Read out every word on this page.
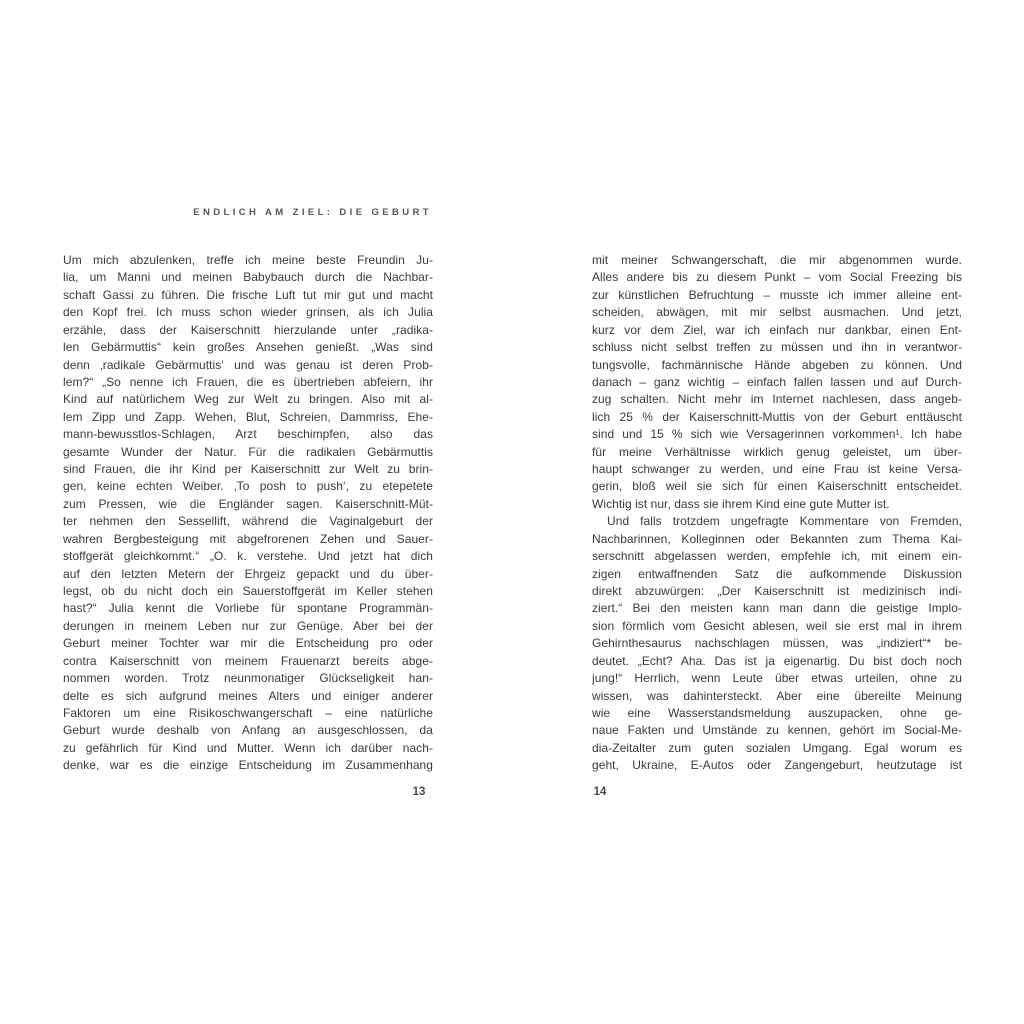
ENDLICH AM ZIEL: DIE GEBURT
Um mich abzulenken, treffe ich meine beste Freundin Ju-
lia, um Manni und meinen Babybauch durch die Nachbar-
schaft Gassi zu führen. Die frische Luft tut mir gut und macht
den Kopf frei. Ich muss schon wieder grinsen, als ich Julia
erzähle, dass der Kaiserschnitt hierzulande unter „radika-
len Gebärmuttis“ kein großes Ansehen genießt. „Was sind
denn ‚radikale Gebärmuttis‘ und was genau ist deren Prob-
lem?“ „So nenne ich Frauen, die es übertrieben abfeiern, ihr
Kind auf natürlichem Weg zur Welt zu bringen. Also mit al-
lem Zipp und Zapp. Wehen, Blut, Schreien, Dammriss, Ehe-
mann-bewusstlos-Schlagen, Arzt beschimpfen, also das
gesamte Wunder der Natur. Für die radikalen Gebärmuttis
sind Frauen, die ihr Kind per Kaiserschnitt zur Welt zu brin-
gen, keine echten Weiber. ‚To posh to push‘, zu etepetete
zum Pressen, wie die Engländer sagen. Kaiserschnitt-Müt-
ter nehmen den Sessellift, während die Vaginalgeburt der
wahren Bergbesteigung mit abgefrorenen Zehen und Sauer-
stoffgerät gleichkommt.“ „O. k. verstehe. Und jetzt hat dich
auf den letzten Metern der Ehrgeiz gepackt und du über-
legst, ob du nicht doch ein Sauerstoffgerät im Keller stehen
hast?“ Julia kennt die Vorliebe für spontane Programmän-
derungen in meinem Leben nur zur Genüge. Aber bei der
Geburt meiner Tochter war mir die Entscheidung pro oder
contra Kaiserschnitt von meinem Frauenarzt bereits abge-
nommen worden. Trotz neunmonatiger Glückseligkeit han-
delte es sich aufgrund meines Alters und einiger anderer
Faktoren um eine Risikoschwangerschaft – eine natürliche
Geburt wurde deshalb von Anfang an ausgeschlossen, da
zu gefährlich für Kind und Mutter. Wenn ich darüber nach-
denke, war es die einzige Entscheidung im Zusammenhang
mit meiner Schwangerschaft, die mir abgenommen wurde.
Alles andere bis zu diesem Punkt – vom Social Freezing bis
zur künstlichen Befruchtung – musste ich immer alleine ent-
scheiden, abwägen, mit mir selbst ausmachen. Und jetzt,
kurz vor dem Ziel, war ich einfach nur dankbar, einen Ent-
schluss nicht selbst treffen zu müssen und ihn in verantwor-
tungsvolle, fachmännische Hände abgeben zu können. Und
danach – ganz wichtig – einfach fallen lassen und auf Durch-
zug schalten. Nicht mehr im Internet nachlesen, dass angeb-
lich 25 % der Kaiserschnitt-Muttis von der Geburt enttäuscht
sind und 15 % sich wie Versagerinnen vorkommen¹. Ich habe
für meine Verhältnisse wirklich genug geleistet, um über-
haupt schwanger zu werden, und eine Frau ist keine Versa-
gerin, bloß weil sie sich für einen Kaiserschnitt entscheidet.
Wichtig ist nur, dass sie ihrem Kind eine gute Mutter ist.
Und falls trotzdem ungefragte Kommentare von Fremden,
Nachbarinnen, Kolleginnen oder Bekannten zum Thema Kai-
serschnitt abgelassen werden, empfehle ich, mit einem ein-
zigen entwaffnenden Satz die aufkommende Diskussion
direkt abzuwürgen: „Der Kaiserschnitt ist medizinisch indi-
ziert.“ Bei den meisten kann man dann die geistige Implo-
sion förmlich vom Gesicht ablesen, weil sie erst mal in ihrem
Gehirnthesaurus nachschlagen müssen, was „indiziert“* be-
deutet. „Echt? Aha. Das ist ja eigenartig. Du bist doch noch
jung!“ Herrlich, wenn Leute über etwas urteilen, ohne zu
wissen, was dahintersteckt. Aber eine übereilte Meinung
wie eine Wasserstandsmeldung auszupacken, ohne ge-
naue Fakten und Umstände zu kennen, gehört im Social-Me-
dia-Zeitalter zum guten sozialen Umgang. Egal worum es
geht, Ukraine, E-Autos oder Zangengeburt, heutzutage ist
13	14
